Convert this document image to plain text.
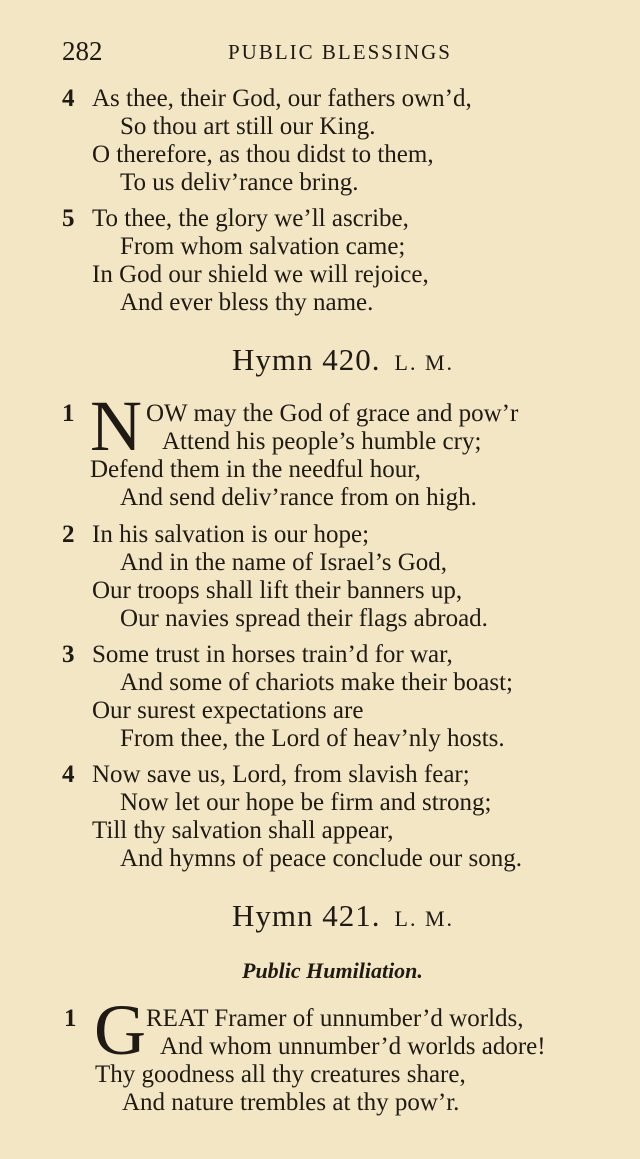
282	PUBLIC BLESSINGS
4 As thee, their God, our fathers own’d,
So thou art still our King.
O therefore, as thou didst to them,
To us deliv’rance bring.
5 To thee, the glory we’ll ascribe,
From whom salvation came;
In God our shield we will rejoice,
And ever bless thy name.
Hymn 420. L. M.
1 N OW may the God of grace and pow’r
Attend his people’s humble cry;
Defend them in the needful hour,
And send deliv’rance from on high.
2 In his salvation is our hope;
And in the name of Israel’s God,
Our troops shall lift their banners up,
Our navies spread their flags abroad.
3 Some trust in horses train’d for war,
And some of chariots make their boast;
Our surest expectations are
From thee, the Lord of heav’nly hosts.
4 Now save us, Lord, from slavish fear;
Now let our hope be firm and strong;
Till thy salvation shall appear,
And hymns of peace conclude our song.
Hymn 421. L. M.
Public Humiliation.
1 G REAT Framer of unnumber’d worlds,
And whom unnumber’d worlds adore!
Thy goodness all thy creatures share,
And nature trembles at thy pow’r.
